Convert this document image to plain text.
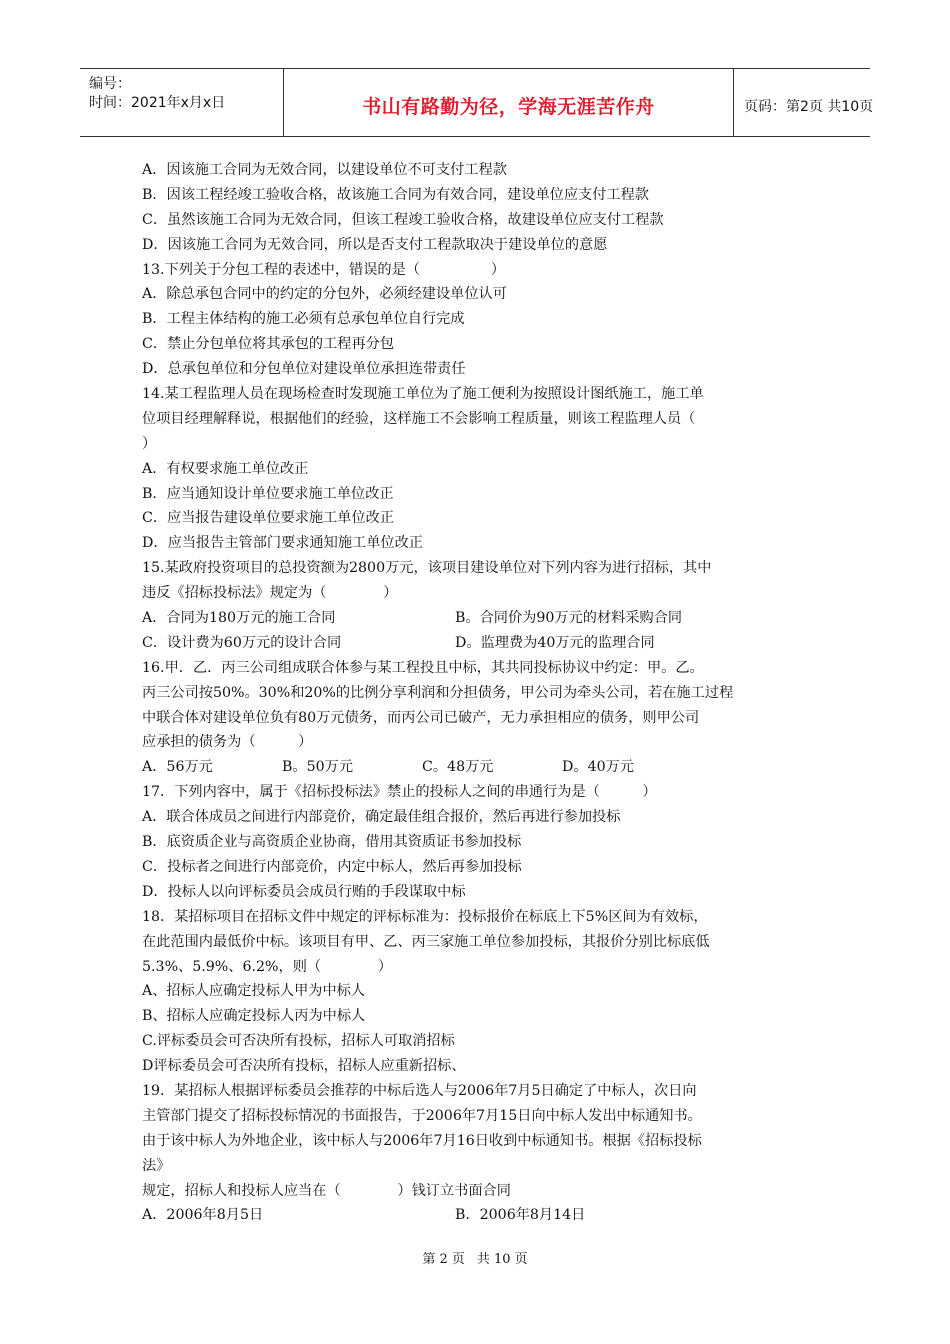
编号：
时间：2021年x月x日	书山有路勤为径，学海无涯苦作舟	页码：第2页 共10页
A．因该施工合同为无效合同，以建设单位不可支付工程款
B．因该工程经竣工验收合格，故该施工合同为有效合同，建设单位应支付工程款
C．虽然该施工合同为无效合同，但该工程竣工验收合格，故建设单位应支付工程款
D．因该施工合同为无效合同，所以是否支付工程款取决于建设单位的意愿
13.下列关于分包工程的表述中，错误的是（　　　　　）
A．除总承包合同中的约定的分包外，必须经建设单位认可
B．工程主体结构的施工必须有总承包单位自行完成
C．禁止分包单位将其承包的工程再分包
D．总承包单位和分包单位对建设单位承担连带责任
14.某工程监理人员在现场检查时发现施工单位为了施工便利为按照设计图纸施工，施工单
位项目经理解释说，根据他们的经验，这样施工不会影响工程质量，则该工程监理人员（
）
A．有权要求施工单位改正
B．应当通知设计单位要求施工单位改正
C．应当报告建设单位要求施工单位改正
D．应当报告主管部门要求通知施工单位改正
15.某政府投资项目的总投资额为2800万元，该项目建设单位对下列内容为进行招标，其中
违反《招标投标法》规定为（　　　　）
A．合同为180万元的施工合同	B。合同价为90万元的材料采购合同
C．设计费为60万元的设计合同	D。监理费为40万元的监理合同
16.甲．乙．丙三公司组成联合体参与某工程投且中标，其共同投标协议中约定：甲。乙。
丙三公司按50%。30%和20%的比例分享利润和分担债务，甲公司为牵头公司，若在施工过程
中联合体对建设单位负有80万元债务，而丙公司已破产，无力承担相应的债务，则甲公司
应承担的债务为（　　　）
A．56万元	B。50万元	C。48万元	D。40万元
17．下列内容中，属于《招标投标法》禁止的投标人之间的串通行为是（　　　）
A．联合体成员之间进行内部竞价，确定最佳组合报价，然后再进行参加投标
B．底资质企业与高资质企业协商，借用其资质证书参加投标
C．投标者之间进行内部竞价，内定中标人，然后再参加投标
D．投标人以向评标委员会成员行贿的手段谋取中标
18．某招标项目在招标文件中规定的评标标准为：投标报价在标底上下5%区间为有效标，
在此范围内最低价中标。该项目有甲、乙、丙三家施工单位参加投标，其报价分别比标底低
5.3%、5.9%、6.2%，则（　　　　）
A、招标人应确定投标人甲为中标人
B、招标人应确定投标人丙为中标人
C.评标委员会可否决所有投标，招标人可取消招标
D评标委员会可否决所有投标，招标人应重新招标、
19．某招标人根据评标委员会推荐的中标后选人与2006年7月5日确定了中标人，次日向
主管部门提交了招标投标情况的书面报告，于2006年7月15日向中标人发出中标通知书。
由于该中标人为外地企业，该中标人与2006年7月16日收到中标通知书。根据《招标投标
法》
规定，招标人和投标人应当在（　　　　）钱订立书面合同
A．2006年8月5日	B．2006年8月14日
第 2 页 共 10 页
